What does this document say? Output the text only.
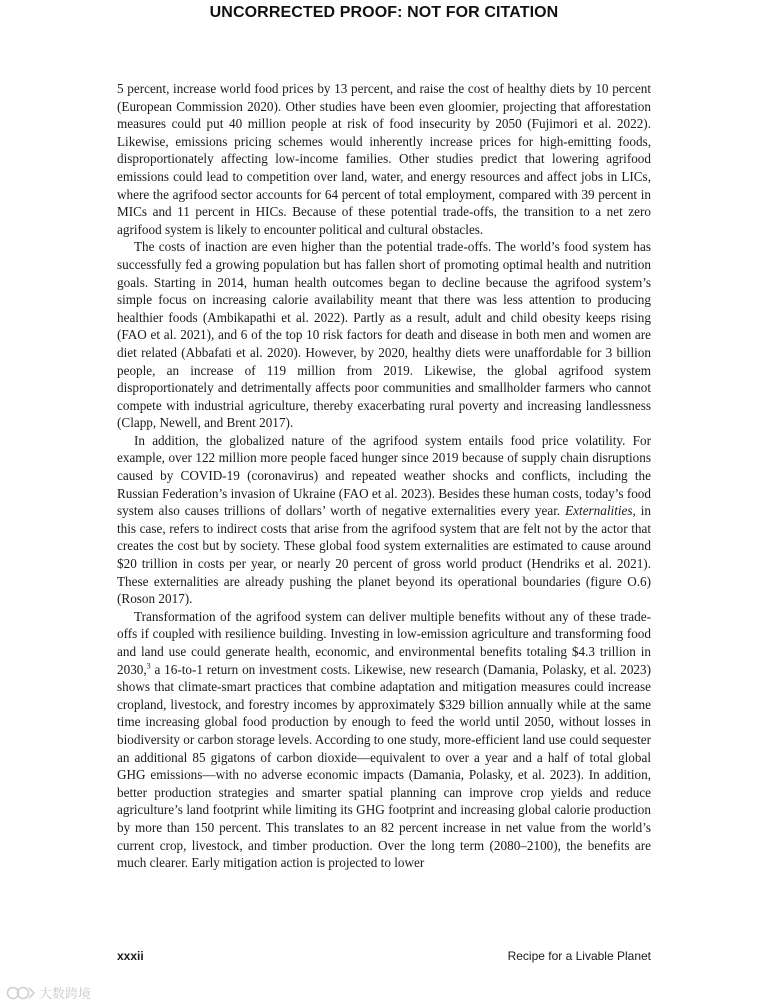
UNCORRECTED PROOF: NOT FOR CITATION

5 percent, increase world food prices by 13 percent, and raise the cost of healthy diets by 10 percent (European Commission 2020). Other studies have been even gloomier, projecting that afforestation measures could put 40 million people at risk of food insecurity by 2050 (Fujimori et al. 2022). Likewise, emissions pricing schemes would inherently increase prices for high-emitting foods, disproportionately affecting low-income families. Other studies predict that lowering agrifood emissions could lead to competition over land, water, and energy resources and affect jobs in LICs, where the agrifood sector accounts for 64 percent of total employment, compared with 39 percent in MICs and 11 percent in HICs. Because of these potential trade-offs, the transition to a net zero agrifood system is likely to encounter political and cultural obstacles.

The costs of inaction are even higher than the potential trade-offs. The world’s food system has successfully fed a growing population but has fallen short of promoting optimal health and nutrition goals. Starting in 2014, human health outcomes began to decline because the agrifood system’s simple focus on increasing calorie availability meant that there was less attention to producing healthier foods (Ambikapathi et al. 2022). Partly as a result, adult and child obesity keeps rising (FAO et al. 2021), and 6 of the top 10 risk factors for death and disease in both men and women are diet related (Abbafati et al. 2020). However, by 2020, healthy diets were unaffordable for 3 billion people, an increase of 119 million from 2019. Likewise, the global agrifood system disproportionately and detrimentally affects poor communities and smallholder farmers who cannot compete with industrial agriculture, thereby exacerbating rural poverty and increasing landlessness (Clapp, Newell, and Brent 2017).

In addition, the globalized nature of the agrifood system entails food price volatility. For example, over 122 million more people faced hunger since 2019 because of supply chain disruptions caused by COVID-19 (coronavirus) and repeated weather shocks and conflicts, including the Russian Federation’s invasion of Ukraine (FAO et al. 2023). Besides these human costs, today’s food system also causes trillions of dollars’ worth of negative externalities every year. Externalities, in this case, refers to indirect costs that arise from the agrifood system that are felt not by the actor that creates the cost but by society. These global food system externalities are estimated to cause around $20 trillion in costs per year, or nearly 20 percent of gross world product (Hendriks et al. 2021). These externalities are already pushing the planet beyond its operational boundaries (figure O.6) (Roson 2017).

Transformation of the agrifood system can deliver multiple benefits without any of these trade-offs if coupled with resilience building. Investing in low-emission agriculture and transforming food and land use could generate health, economic, and environmental benefits totaling $4.3 trillion in 2030,$^3$ a 16-to-1 return on investment costs. Likewise, new research (Damania, Polasky, et al. 2023) shows that climate-smart practices that combine adaptation and mitigation measures could increase cropland, livestock, and forestry incomes by approximately $329 billion annually while at the same time increasing global food production by enough to feed the world until 2050, without losses in biodiversity or carbon storage levels. According to one study, more-efficient land use could sequester an additional 85 gigatons of carbon dioxide—equivalent to over a year and a half of total global GHG emissions—with no adverse economic impacts (Damania, Polasky, et al. 2023). In addition, better production strategies and smarter spatial planning can improve crop yields and reduce agriculture’s land footprint while limiting its GHG footprint and increasing global calorie production by more than 150 percent. This translates to an 82 percent increase in net value from the world’s current crop, livestock, and timber production. Over the long term (2080–2100), the benefits are much clearer. Early mitigation action is projected to lower

xxxii	Recipe for a Livable Planet
大数跨境
